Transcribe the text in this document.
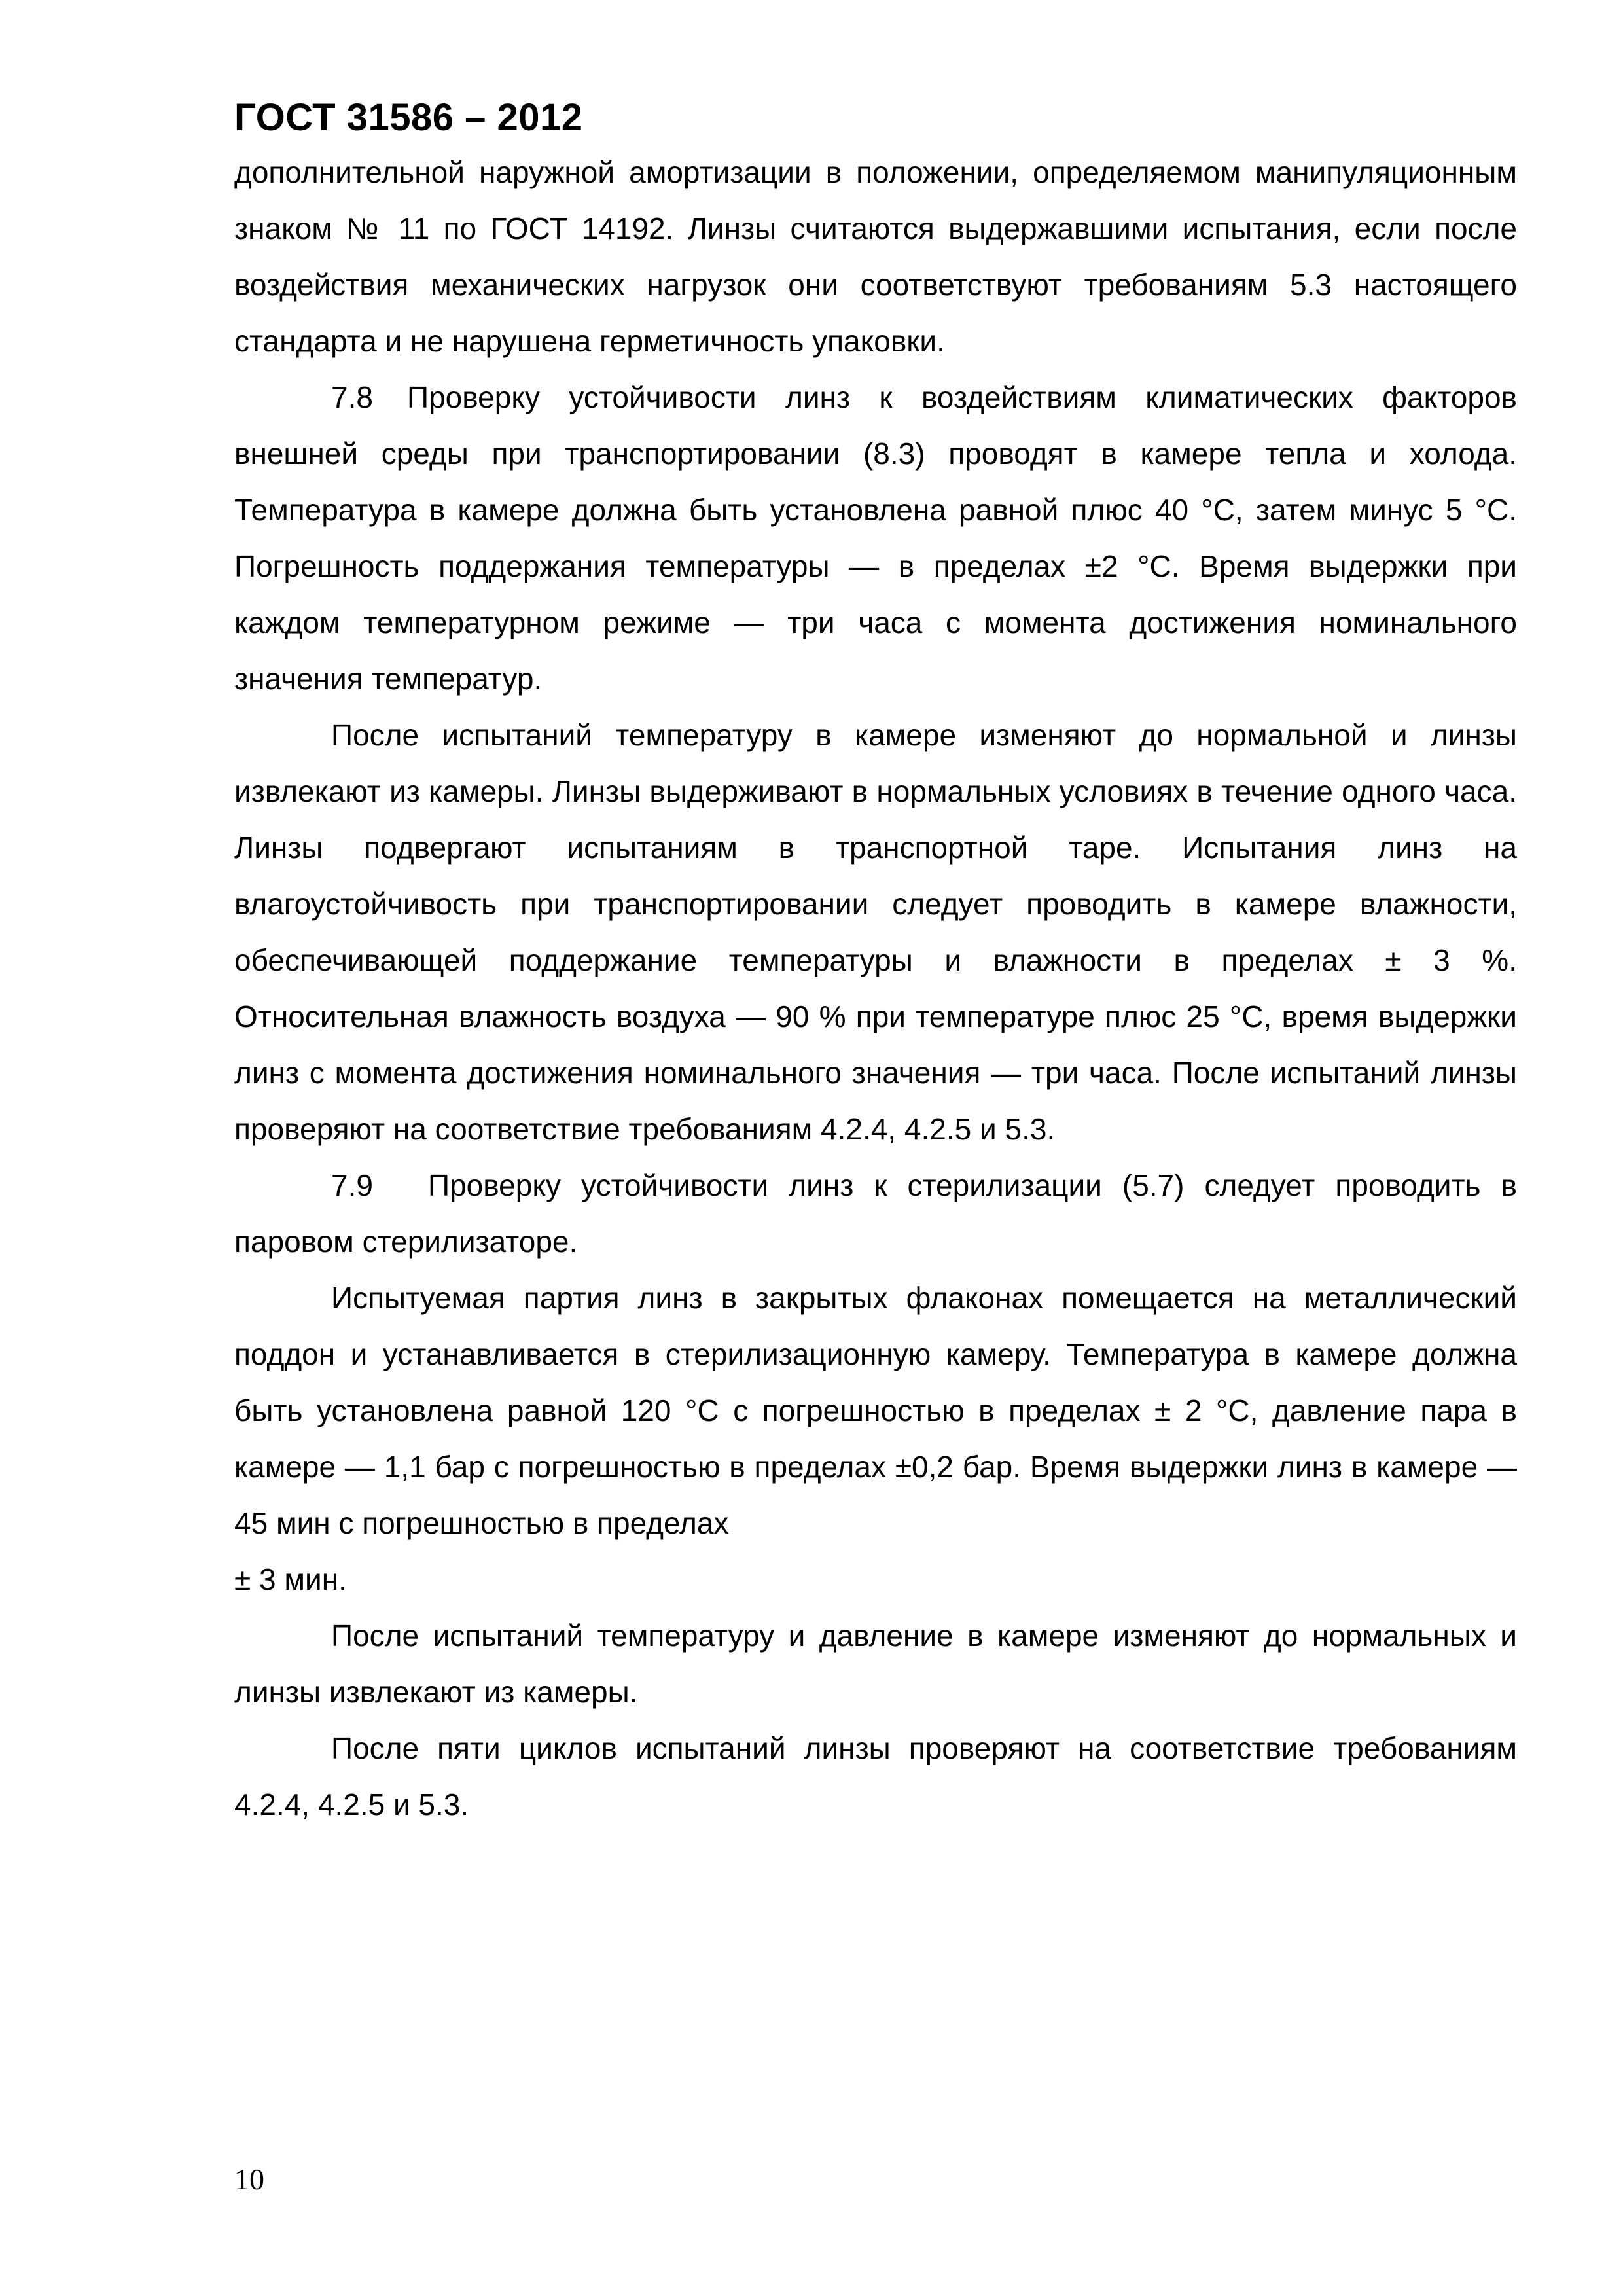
ГОСТ 31586 – 2012

дополнительной наружной амортизации в положении, определяемом манипуляционным знаком № 11 по ГОСТ 14192. Линзы считаются выдержавшими испытания, если после воздействия механических нагрузок они соответствуют требованиям 5.3 настоящего стандарта и не нарушена герметичность упаковки.

7.8 Проверку устойчивости линз к воздействиям климатических факторов внешней среды при транспортировании (8.3) проводят в камере тепла и холода. Температура в камере должна быть установлена равной плюс 40 °С, затем минус 5 °С. Погрешность поддержания температуры — в пределах ±2 °С. Время выдержки при каждом температурном режиме — три часа с момента достижения номинального значения температур.

После испытаний температуру в камере изменяют до нормальной и линзы извлекают из камеры. Линзы выдерживают в нормальных условиях в течение одного часа. Линзы подвергают испытаниям в транспортной таре. Испытания линз на влагоустойчивость при транспортировании следует проводить в камере влажности, обеспечивающей поддержание температуры и влажности в пределах ± 3 %. Относительная влажность воздуха — 90 % при температуре плюс 25 °С, время выдержки линз с момента достижения номинального значения — три часа. После испытаний линзы проверяют на соответствие требованиям 4.2.4, 4.2.5 и 5.3.

7.9 Проверку устойчивости линз к стерилизации (5.7) следует проводить в паровом стерилизаторе.

Испытуемая партия линз в закрытых флаконах помещается на металлический поддон и устанавливается в стерилизационную камеру. Температура в камере должна быть установлена равной 120 °С с погрешностью в пределах ± 2 °С, давление пара в камере — 1,1 бар с погрешностью в пределах ±0,2 бар. Время выдержки линз в камере — 45 мин с погрешностью в пределах

± 3 мин.

После испытаний температуру и давление в камере изменяют до нормальных и линзы извлекают из камеры.

После пяти циклов испытаний линзы проверяют на соответствие требованиям 4.2.4, 4.2.5 и 5.3.

10
